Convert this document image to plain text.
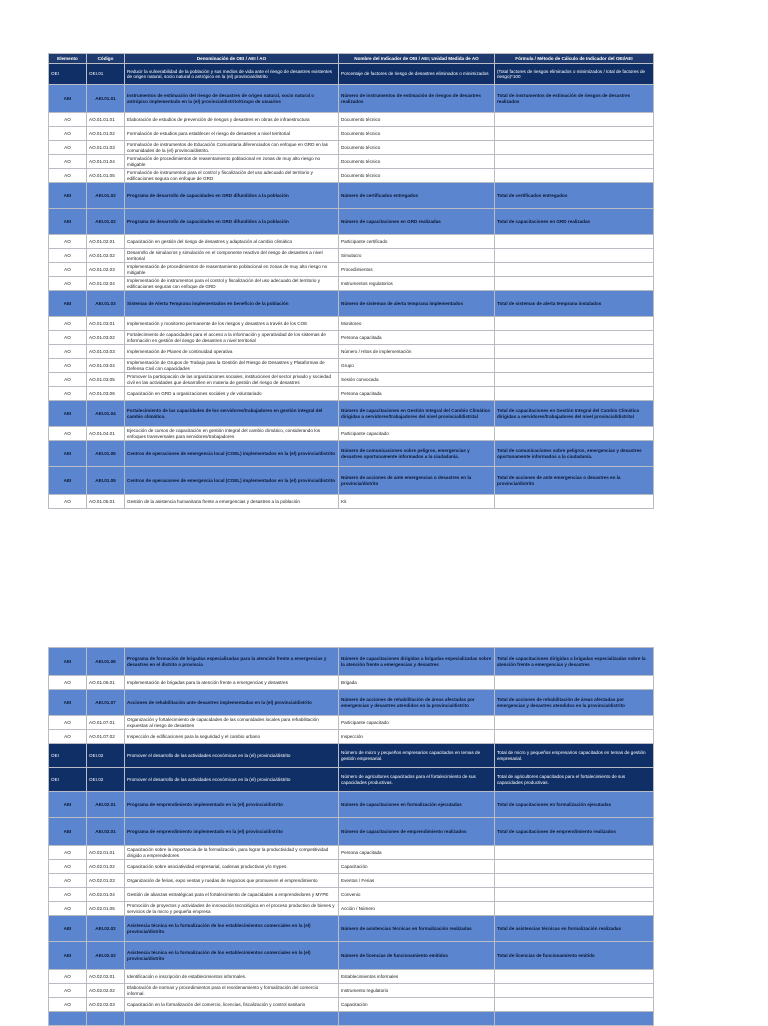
Elemento	Código	Denominación de OEI / AEI / AO	Nombre del Indicador de OEI / AEI; Unidad Medida de AO	Fórmula / Método de Cálculo de Indicador del OEI/AEI
OEI	OEI.01	Reducir la vulnerabilidad de la población y sus medios de vida ante el riesgo de desastres existentes de origen natural, socio natural o antrópico en la (el) provincia/distrito	Porcentaje de factores de riesgo de desastres eliminados o minimizados	(Total factores de riesgos eliminados o minimizados / total de factores de riesgo)*100
AEI	AEI.01.01	Instrumentos de estimación del riesgo de desastres de origen natural, socio natural o antrópico implementado en la (el) provincia/distrito/Grupo de usuarios	Número de instrumentos de estimación de riesgos de desastres realizados	Total de instrumentos de estimación de riesgos de desastres realizados
AO	AO.01.01.01	Elaboración de estudios de prevención de riesgos y desastres en obras de infraestructura	Documento técnico	
AO	AO.01.01.02	Formulación de estudios para establecer el riesgo de desastres a nivel territorial	Documento técnico	
AO	AO.01.01.03	Formulación de instrumentos de Educación Comunitaria diferenciados con enfoque en GRD en las comunidades de la (el) provincia/distrito.	Documento técnico	
AO	AO.01.01.04	Formulación de procedimientos de reasentamiento poblacional en zonas de muy alto riesgo no mitigable	Documento técnico	
AO	AO.01.01.05	Formulación de instrumentos para el control y fiscalización del uso adecuado del territorio y edificaciones segura con enfoque de GRD	Documento técnico	
AEI	AEI.01.02	Programa de desarrollo de capacidades en GRD difundidos a la población	Número de certificados entregados	Total de certificados entregados
AEI	AEI.01.02	Programa de desarrollo de capacidades en GRD difundidos a la población	Número de capacitaciones en GRD realizadas	Total de capacitaciones en GRD realizadas
AO	AO.01.02.01	Capacitación en gestión del riesgo de desastres y adaptación al cambio climático	Participante certificado	
AO	AO.01.02.02	Desarrollo de simulacros y simulación en el componente reactivo del riesgo de desastres a nivel territorial	Simulacro	
AO	AO.01.02.03	Implementación de procedimientos de reasentamiento poblacional en zonas de muy alto riesgo no mitigable	Procedimientos	
AO	AO.01.02.04	Implementación de instrumentos para el control y fiscalización del uso adecuado del territorio y edificaciones seguras con enfoque de GRD	Instrumentos regulatorios	
AEI	AEI.01.03	Sistemas de Alerta Temprana implementados en beneficio de la población	Número de sistemas de alerta temprana implementados	Total de sistemas de alerta temprana instalados
AO	AO.01.03.01	Implementación y monitoreo permanente de los riesgos y desastres a través de los COE	Monitoreo	
AO	AO.01.03.02	Fortalecimiento de capacidades para el acceso a la información y operatividad de los sistemas de información en gestión del riesgo de desastres a nivel territorial	Persona capacitada	
AO	AO.01.03.03	Implementación de Planes de continuidad operativa	Número / Hitos de implementación	
AO	AO.01.03.04	Implementación de Grupos de Trabajo para la Gestión del Riesgo de Desastres y Plataformas de Defensa Civil con capacidades	Grupo	
AO	AO.01.03.05	Promover la participación de las organizaciones sociales, instituciones del sector privado y sociedad civil en las actividades que desarrollen en materia de gestión del riesgo de desastres	Sesión convocada	
AO	AO.01.03.06	Capacitación en GRD a organizaciones sociales y de voluntariado	Persona capacitada	
AEI	AEI.01.04	Fortalecimiento de las capacidades de los servidores/trabajadores en gestión integral del cambio climático.	Número de capacitaciones en Gestión Integral del Cambio Climático dirigidas a servidores/trabajadores del nivel provincial/distrital	Total de capacitaciones en Gestión Integral del Cambio Climático dirigidas a servidores/trabajadores del nivel provincial/distrital
AO	AO.01.04.01	Ejecución de cursos de capacitación en gestión integral del cambio climático, considerando los enfoques transversales para servidores/trabajadores	Participante capacitado	
AEI	AEI.01.05	Centros de operaciones de emergencia local (COEL) implementados en la (el) provincia/distrito	Número de comunicaciones sobre peligros, emergencias y desastres oportunamente informados a la ciudadanía.	Total de comunicaciones sobre peligros, emergencias y desastres oportunamente informados a la ciudadanía.
AEI	AEI.01.05	Centros de operaciones de emergencia local (COEL) implementados en la (el) provincia/distrito	Número de acciones de ante emergencias o desastres en la provincia/distrito	Total de acciones de ante emergencias o desastres en la provincia/distrito
AO	AO.01.05.01	Gestión de la asistencia humanitaria frente a emergencias y desastres a la población	Kit	
AEI	AEI.01.06	Programa de formación de brigadas especializadas para la atención frente a emergencias y desastres en el distrito o provincia	Número de capacitaciones dirigidas a brigadas especializadas sobre la atención frente a emergencias y desastres	Total de capacitaciones dirigidas a brigadas especializadas sobre la atención frente a emergencias y desastres
AO	AO.01.06.01	Implementación de brigadas para la atención frente a emergencias y desastres	Brigada	
AEI	AEI.01.07	Acciones de rehabilitación ante desastres implementadas en la (el) provincia/distrito	Número de acciones de rehabilitación de áreas afectadas por emergencias y desastres atendidos en la provincia/distrito	Total de acciones de rehabilitación de áreas afectadas por emergencias y desastres atendidos en la provincia/distrito
AO	AO.01.07.01	Organización y fortalecimiento de capacidades de las comunidades locales para rehabilitación expuestas al riesgo de desastres	Participante capacitado	
AO	AO.01.07.02	Inspección de edificaciones para la seguridad y el cambio urbano	Inspección	
OEI	OEI.02	Promover el desarrollo de las actividades económicas en la (el) provincia/distrito	Número de micro y pequeños empresarios capacitados en temas de gestión empresarial.	Total de micro y pequeños empresarios capacitados en temas de gestión empresarial.
OEI	OEI.02	Promover el desarrollo de las actividades económicas en la (el) provincia/distrito	Número de agricultores capacitados para el fortalecimiento de sus capacidades productivas.	Total de agricultores capacitados para el fortalecimiento de sus capacidades productivas.
AEI	AEI.02.01	Programa de emprendimiento implementado en la (el) provincia/distrito	Número de capacitaciones en formalización ejecutadas	Total de capacitaciones en formalización ejecutadas
AEI	AEI.02.01	Programa de emprendimiento implementado en la (el) provincia/distrito	Número de capacitaciones de emprendimiento realizados	Total de capacitaciones de emprendimiento realizados
AO	AO.02.01.01	Capacitación sobre la importancia de la formalización, para lograr la productividad y competitividad dirigido a emprendedores	Persona capacitada	
AO	AO.02.01.02	Capacitación sobre asociatividad empresarial, cadenas productivas y/o mypes.	Capacitación	
AO	AO.02.01.03	Organización de ferias, expo ventas y ruedas de negocios que promueven el emprendimiento	Eventos / Ferias	
AO	AO.02.01.04	Gestión de alianzas estratégicas para el fortalecimiento de capacidades a emprendedores y MYPE	Convenio	
AO	AO.02.01.05	Promoción de proyectos y actividades de innovación tecnológica en el proceso productivo de bienes y servicios de la micro y pequeña empresa	Acción / Número	
AEI	AEI.02.02	Asistencia técnica en la formalización de los establecimientos comerciales en la (el) provincia/distrito	Número de asistencias técnicas en formalización realizadas	Total de asistencias técnicas en formalización realizadas
AEI	AEI.02.02	Asistencia técnica en la formalización de los establecimientos comerciales en la (el) provincia/distrito	Número de licencias de funcionamiento emitidos	Total de licencias de funcionamiento emitido
AO	AO.02.02.01	Identificación e inscripción de establecimientos informales.	Establecimientos informales	
AO	AO.02.02.02	Elaboración de normas y procedimientos para el reordenamiento y formalización del comercio informal.	Instrumento regulatorio	
AO	AO.02.02.03	Capacitación en la formalización del comercio, licencias, fiscalización y control sanitario	Capacitación	
